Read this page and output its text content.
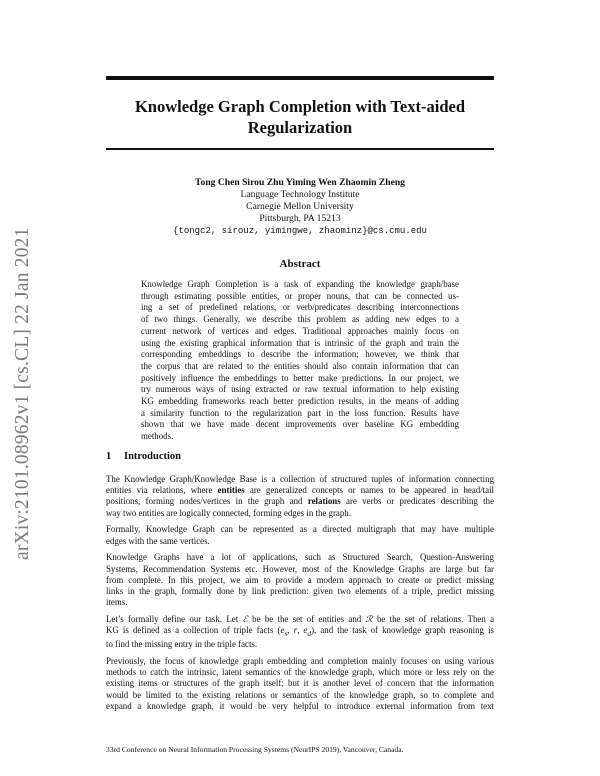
arXiv:2101.08962v1 [cs.CL] 22 Jan 2021
Knowledge Graph Completion with Text-aided
Regularization
Tong Chen Sirou Zhu Yiming Wen Zhaomin Zheng
Language Technology Institute
Carnegie Mellon University
Pittsburgh, PA 15213
{tongc2, sirouz, yimingwe, zhaominz}@cs.cmu.edu
Abstract
Knowledge Graph Completion is a task of expanding the knowledge graph/base
through estimating possible entities, or proper nouns, that can be connected us-
ing a set of predefined relations, or verb/predicates describing interconnections
of two things. Generally, we describe this problem as adding new edges to a
current network of vertices and edges. Traditional approaches mainly focus on
using the existing graphical information that is intrinsic of the graph and train the
corresponding embeddings to describe the information; however, we think that
the corpus that are related to the entities should also contain information that can
positively influence the embeddings to better make predictions. In our project, we
try numerous ways of using extracted or raw textual information to help existing
KG embedding frameworks reach better prediction results, in the means of adding
a similarity function to the regularization part in the loss function. Results have
shown that we have made decent improvements over baseline KG embedding
methods.
1 Introduction

The Knowledge Graph/Knowledge Base is a collection of structured tuples of information connecting
entities via relations, where entities are generalized concepts or names to be appeared in head/tail
positions, forming nodes/vertices in the graph and relations are verbs or predicates describing the
way two entities are logically connected, forming edges in the graph.

Formally, Knowledge Graph can be represented as a directed multigraph that may have multiple
edges with the same vertices.

Knowledge Graphs have a lot of applications, such as Structured Search, Question-Answering
Systems, Recommendation Systems etc. However, most of the Knowledge Graphs are large but far
from complete. In this project, we aim to provide a modern approach to create or predict missing
links in the graph, formally done by link prediction: given two elements of a triple, predict missing
items.

Let’s formally define our task. Let ℰ be be the set of entities and ℛ be the set of relations. Then a
KG is defined as a collection of triple facts ($e_s$, r, $e_d$), and the task of knowledge graph reasoning is
to find the missing entry in the triple facts.

Previously, the focus of knowledge graph embedding and completion mainly focuses on using various
methods to catch the intrinsic, latent semantics of the knowledge graph, which more or less rely on the
existing items or structures of the graph itself; but it is another level of concern that the information
would be limited to the existing relations or semantics of the knowledge graph, so to complete and
expand a knowledge graph, it would be very helpful to introduce external information from text

33rd Conference on Neural Information Processing Systems (NeurIPS 2019), Vancouver, Canada.
